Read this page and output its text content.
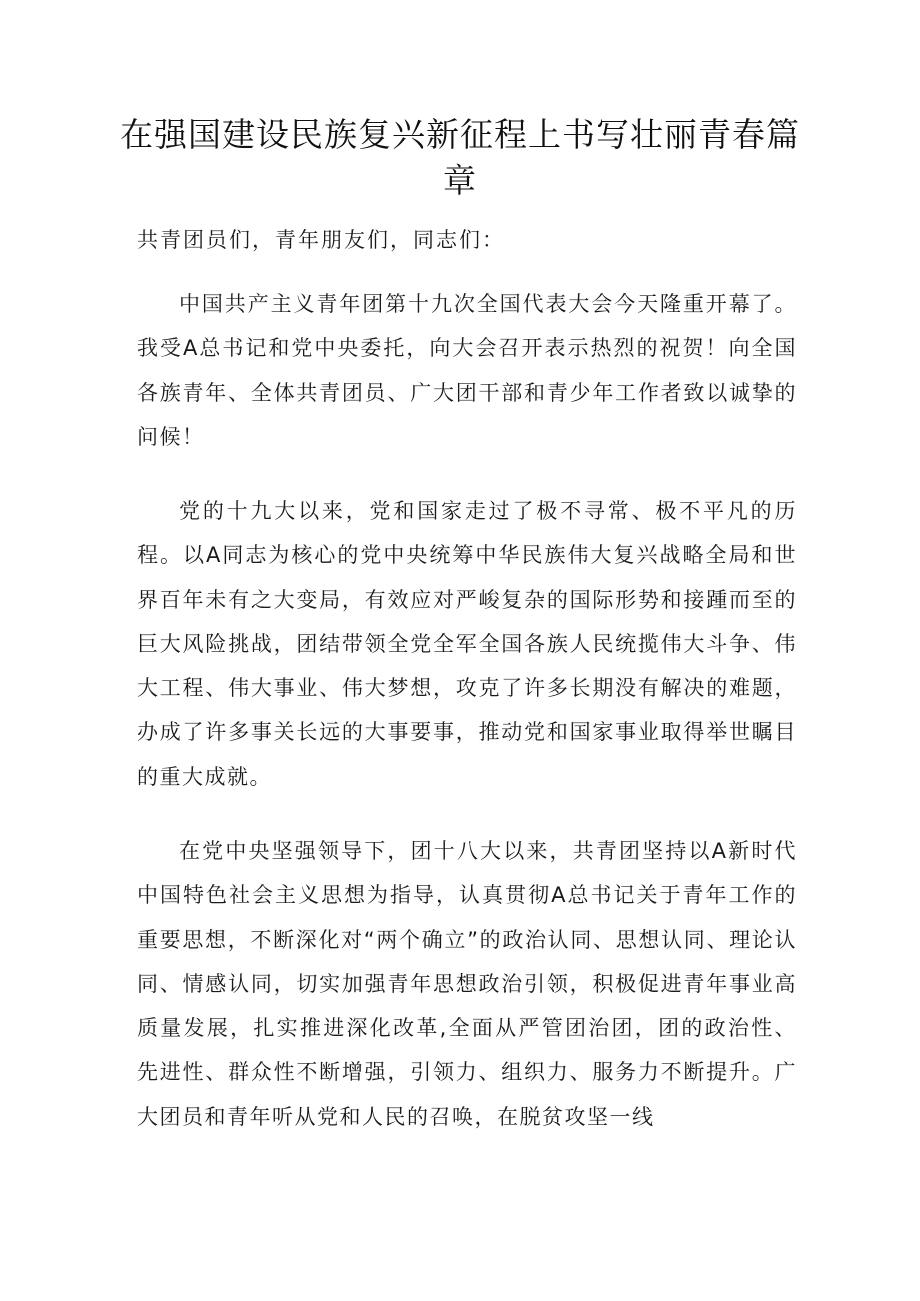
在强国建设民族复兴新征程上书写壮丽青春篇章

共青团员们，青年朋友们，同志们：

中国共产主义青年团第十九次全国代表大会今天隆重开幕了。我受A总书记和党中央委托，向大会召开表示热烈的祝贺！向全国各族青年、全体共青团员、广大团干部和青少年工作者致以诚挚的问候！

党的十九大以来，党和国家走过了极不寻常、极不平凡的历程。以A同志为核心的党中央统筹中华民族伟大复兴战略全局和世界百年未有之大变局，有效应对严峻复杂的国际形势和接踵而至的巨大风险挑战，团结带领全党全军全国各族人民统揽伟大斗争、伟大工程、伟大事业、伟大梦想，攻克了许多长期没有解决的难题，办成了许多事关长远的大事要事，推动党和国家事业取得举世瞩目的重大成就。

在党中央坚强领导下，团十八大以来，共青团坚持以A新时代中国特色社会主义思想为指导，认真贯彻A总书记关于青年工作的重要思想，不断深化对“两个确立”的政治认同、思想认同、理论认同、情感认同，切实加强青年思想政治引领，积极促进青年事业高质量发展，扎实推进深化改革,全面从严管团治团，团的政治性、先进性、群众性不断增强，引领力、组织力、服务力不断提升。广大团员和青年听从党和人民的召唤，在脱贫攻坚一线
